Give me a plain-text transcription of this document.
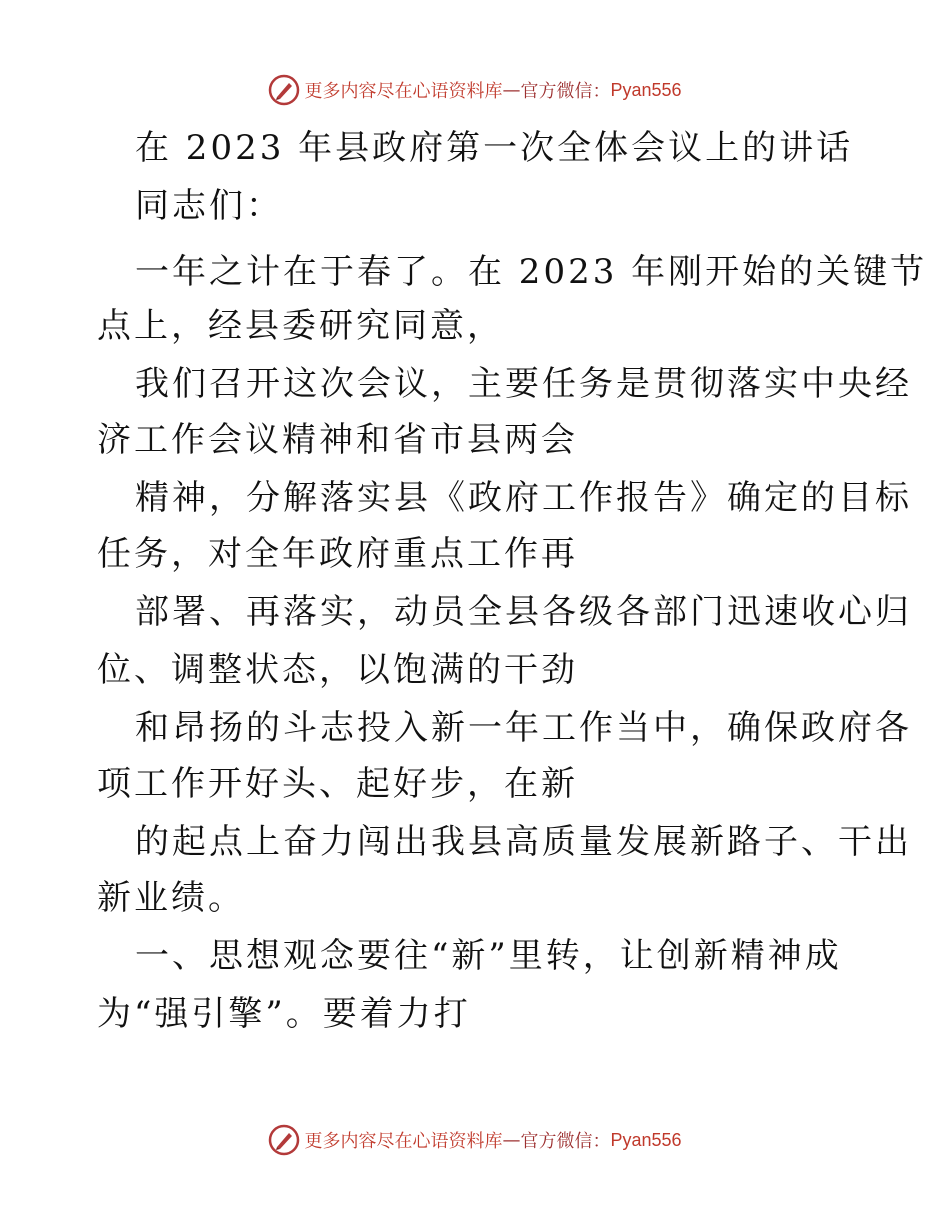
更多内容尽在心语资料库 — 官方微信： Pyan556
在 2023 年县政府第一次全体会议上的讲话
同志们：
一年之计在于春了。在 2023 年刚开始的关键节
点上，经县委研究同意，
我们召开这次会议，主要任务是贯彻落实中央经
济工作会议精神和省市县两会
精神，分解落实县《政府工作报告》确定的目标
任务，对全年政府重点工作再
部署、再落实，动员全县各级各部门迅速收心归
位、调整状态，以饱满的干劲
和昂扬的斗志投入新一年工作当中，确保政府各
项工作开好头、起好步，在新
的起点上奋力闯出我县高质量发展新路子、干出
新业绩。
一、思想观念要往“新”里转，让创新精神成
为“强引擎”。要着力打
更多内容尽在心语资料库 — 官方微信： Pyan556
